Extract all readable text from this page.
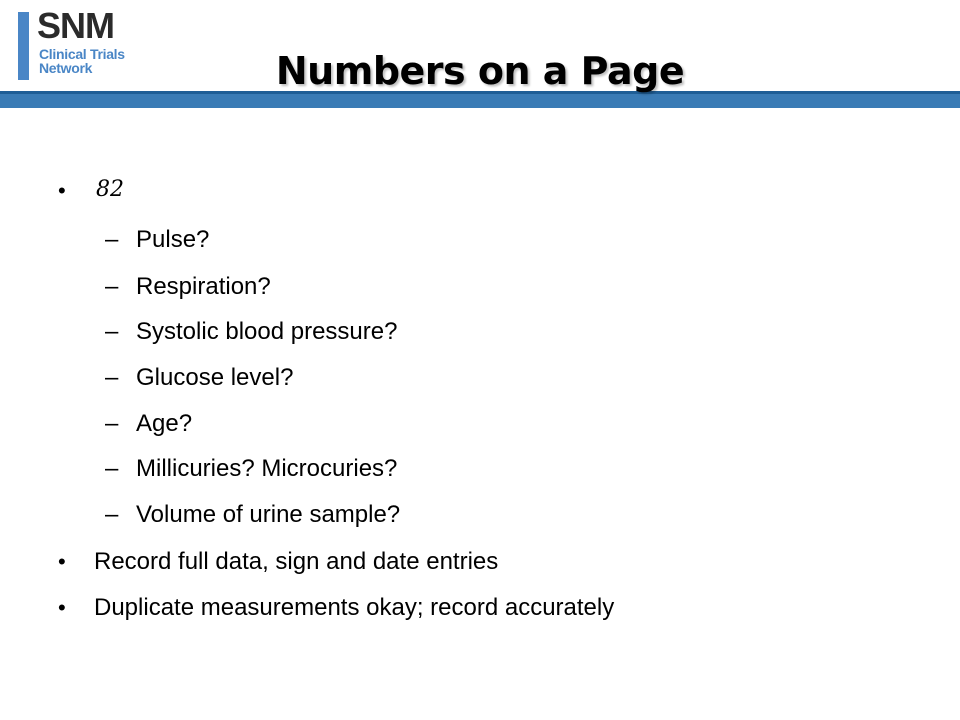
SNM
Clinical Trials
Network	Numbers on a Page
• 82
– Pulse?
– Respiration?
– Systolic blood pressure?
– Glucose level?
– Age?
– Millicuries? Microcuries?
– Volume of urine sample?
• Record full data, sign and date entries
• Duplicate measurements okay; record accurately
